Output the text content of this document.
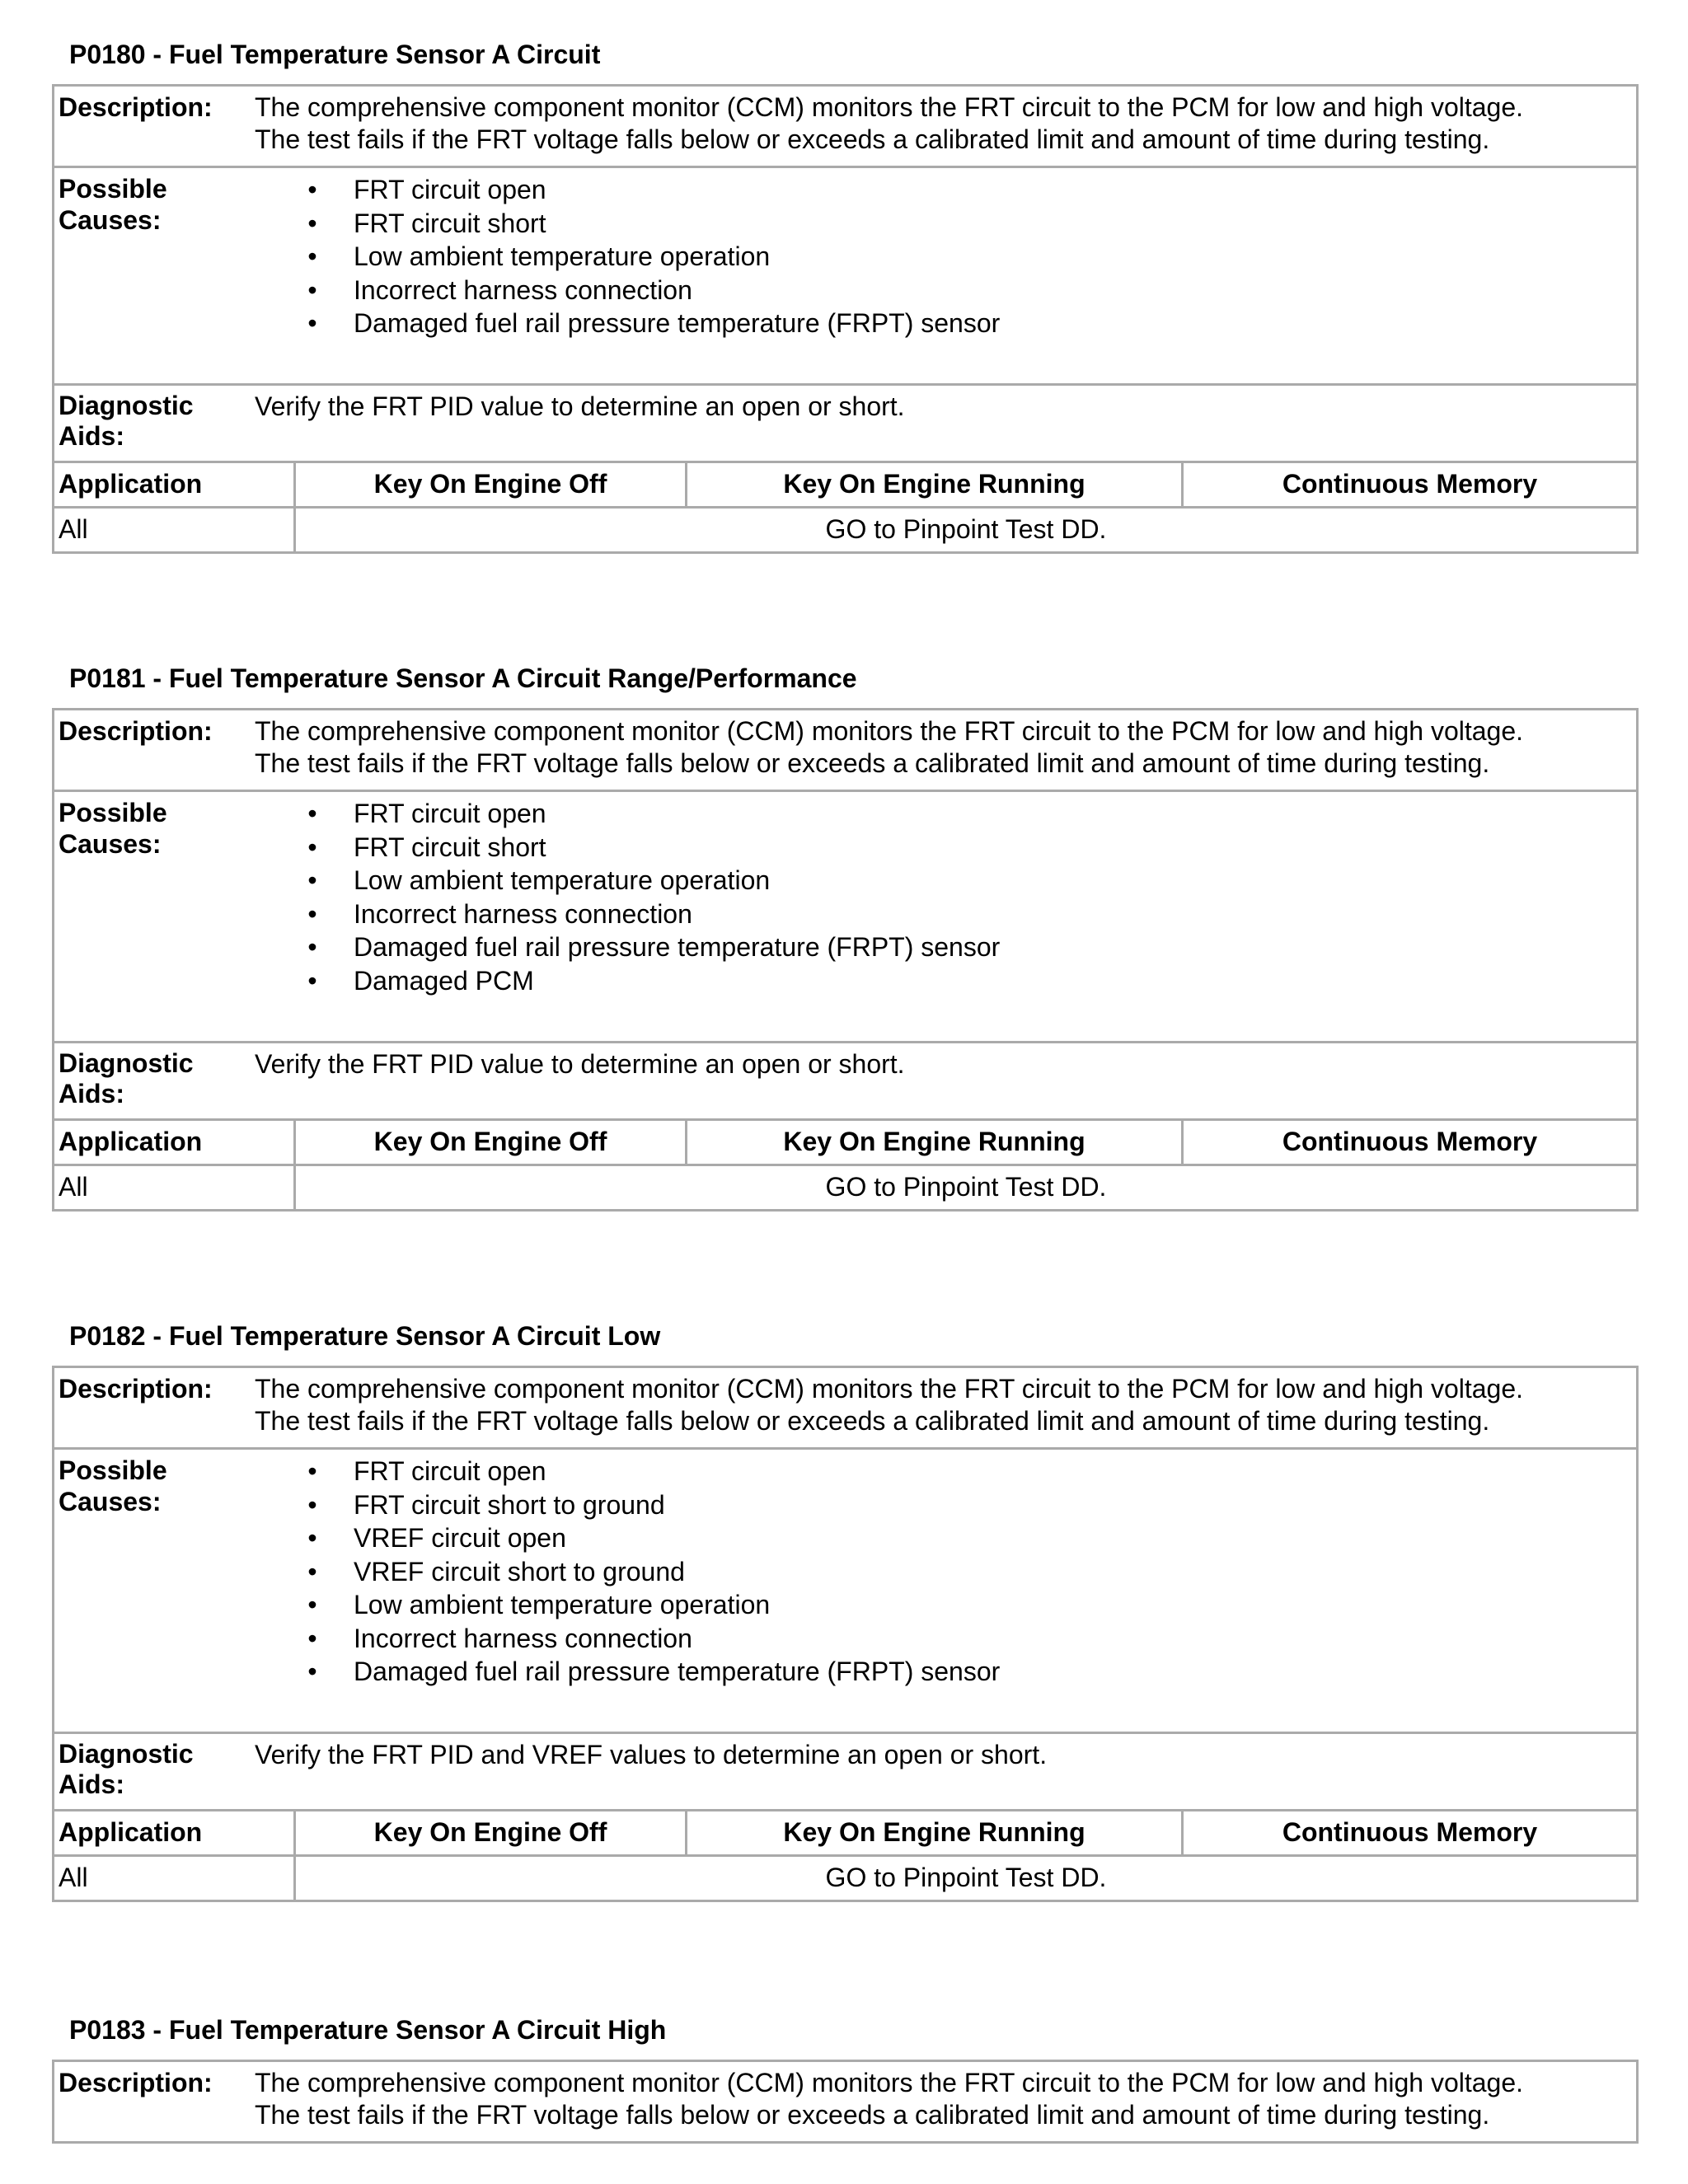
P0180 - Fuel Temperature Sensor A Circuit
Description:	The comprehensive component monitor (CCM) monitors the FRT circuit to the PCM for low and high voltage.
The test fails if the FRT voltage falls below or exceeds a calibrated limit and amount of time during testing.
Possible
Causes:
• FRT circuit open
• FRT circuit short
• Low ambient temperature operation
• Incorrect harness connection
• Damaged fuel rail pressure temperature (FRPT) sensor
Diagnostic
Aids:
Verify the FRT PID value to determine an open or short.
Application	Key On Engine Off	Key On Engine Running	Continuous Memory
All	GO to Pinpoint Test DD.
P0181 - Fuel Temperature Sensor A Circuit Range/Performance
Description:	The comprehensive component monitor (CCM) monitors the FRT circuit to the PCM for low and high voltage.
The test fails if the FRT voltage falls below or exceeds a calibrated limit and amount of time during testing.
Possible
Causes:
• FRT circuit open
• FRT circuit short
• Low ambient temperature operation
• Incorrect harness connection
• Damaged fuel rail pressure temperature (FRPT) sensor
• Damaged PCM
Diagnostic
Aids:
Verify the FRT PID value to determine an open or short.
Application	Key On Engine Off	Key On Engine Running	Continuous Memory
All	GO to Pinpoint Test DD.
P0182 - Fuel Temperature Sensor A Circuit Low
Description:	The comprehensive component monitor (CCM) monitors the FRT circuit to the PCM for low and high voltage.
The test fails if the FRT voltage falls below or exceeds a calibrated limit and amount of time during testing.
Possible
Causes:
• FRT circuit open
• FRT circuit short to ground
• VREF circuit open
• VREF circuit short to ground
• Low ambient temperature operation
• Incorrect harness connection
• Damaged fuel rail pressure temperature (FRPT) sensor
Diagnostic
Aids:
Verify the FRT PID and VREF values to determine an open or short.
Application	Key On Engine Off	Key On Engine Running	Continuous Memory
All	GO to Pinpoint Test DD.
P0183 - Fuel Temperature Sensor A Circuit High
Description:	The comprehensive component monitor (CCM) monitors the FRT circuit to the PCM for low and high voltage.
The test fails if the FRT voltage falls below or exceeds a calibrated limit and amount of time during testing.
